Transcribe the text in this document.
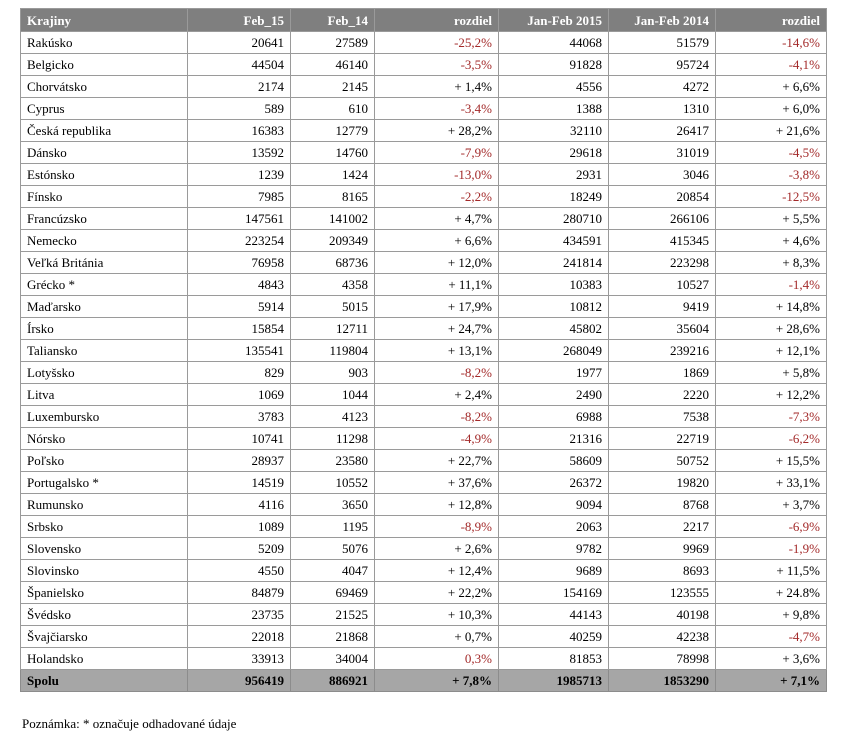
Krajiny	Feb_15	Feb_14	rozdiel	Jan-Feb 2015	Jan-Feb 2014	rozdiel
Rakúsko	20641	27589	-25,2%	44068	51579	-14,6%
Belgicko	44504	46140	-3,5%	91828	95724	-4,1%
Chorvátsko	2174	2145	+ 1,4%	4556	4272	+ 6,6%
Cyprus	589	610	-3,4%	1388	1310	+ 6,0%
Česká republika	16383	12779	+ 28,2%	32110	26417	+ 21,6%
Dánsko	13592	14760	-7,9%	29618	31019	-4,5%
Estónsko	1239	1424	-13,0%	2931	3046	-3,8%
Fínsko	7985	8165	-2,2%	18249	20854	-12,5%
Francúzsko	147561	141002	+ 4,7%	280710	266106	+ 5,5%
Nemecko	223254	209349	+ 6,6%	434591	415345	+ 4,6%
Veľká Británia	76958	68736	+ 12,0%	241814	223298	+ 8,3%
Grécko *	4843	4358	+ 11,1%	10383	10527	-1,4%
Maďarsko	5914	5015	+ 17,9%	10812	9419	+ 14,8%
Írsko	15854	12711	+ 24,7%	45802	35604	+ 28,6%
Taliansko	135541	119804	+ 13,1%	268049	239216	+ 12,1%
Lotyšsko	829	903	-8,2%	1977	1869	+ 5,8%
Litva	1069	1044	+ 2,4%	2490	2220	+ 12,2%
Luxembursko	3783	4123	-8,2%	6988	7538	-7,3%
Nórsko	10741	11298	-4,9%	21316	22719	-6,2%
Poľsko	28937	23580	+ 22,7%	58609	50752	+ 15,5%
Portugalsko *	14519	10552	+ 37,6%	26372	19820	+ 33,1%
Rumunsko	4116	3650	+ 12,8%	9094	8768	+ 3,7%
Srbsko	1089	1195	-8,9%	2063	2217	-6,9%
Slovensko	5209	5076	+ 2,6%	9782	9969	-1,9%
Slovinsko	4550	4047	+ 12,4%	9689	8693	+ 11,5%
Španielsko	84879	69469	+ 22,2%	154169	123555	+ 24.8%
Švédsko	23735	21525	+ 10,3%	44143	40198	+ 9,8%
Švajčiarsko	22018	21868	+ 0,7%	40259	42238	-4,7%
Holandsko	33913	34004	0,3%	81853	78998	+ 3,6%
Spolu	956419	886921	+ 7,8%	1985713	1853290	+ 7,1%
Poznámka: * označuje odhadované údaje
